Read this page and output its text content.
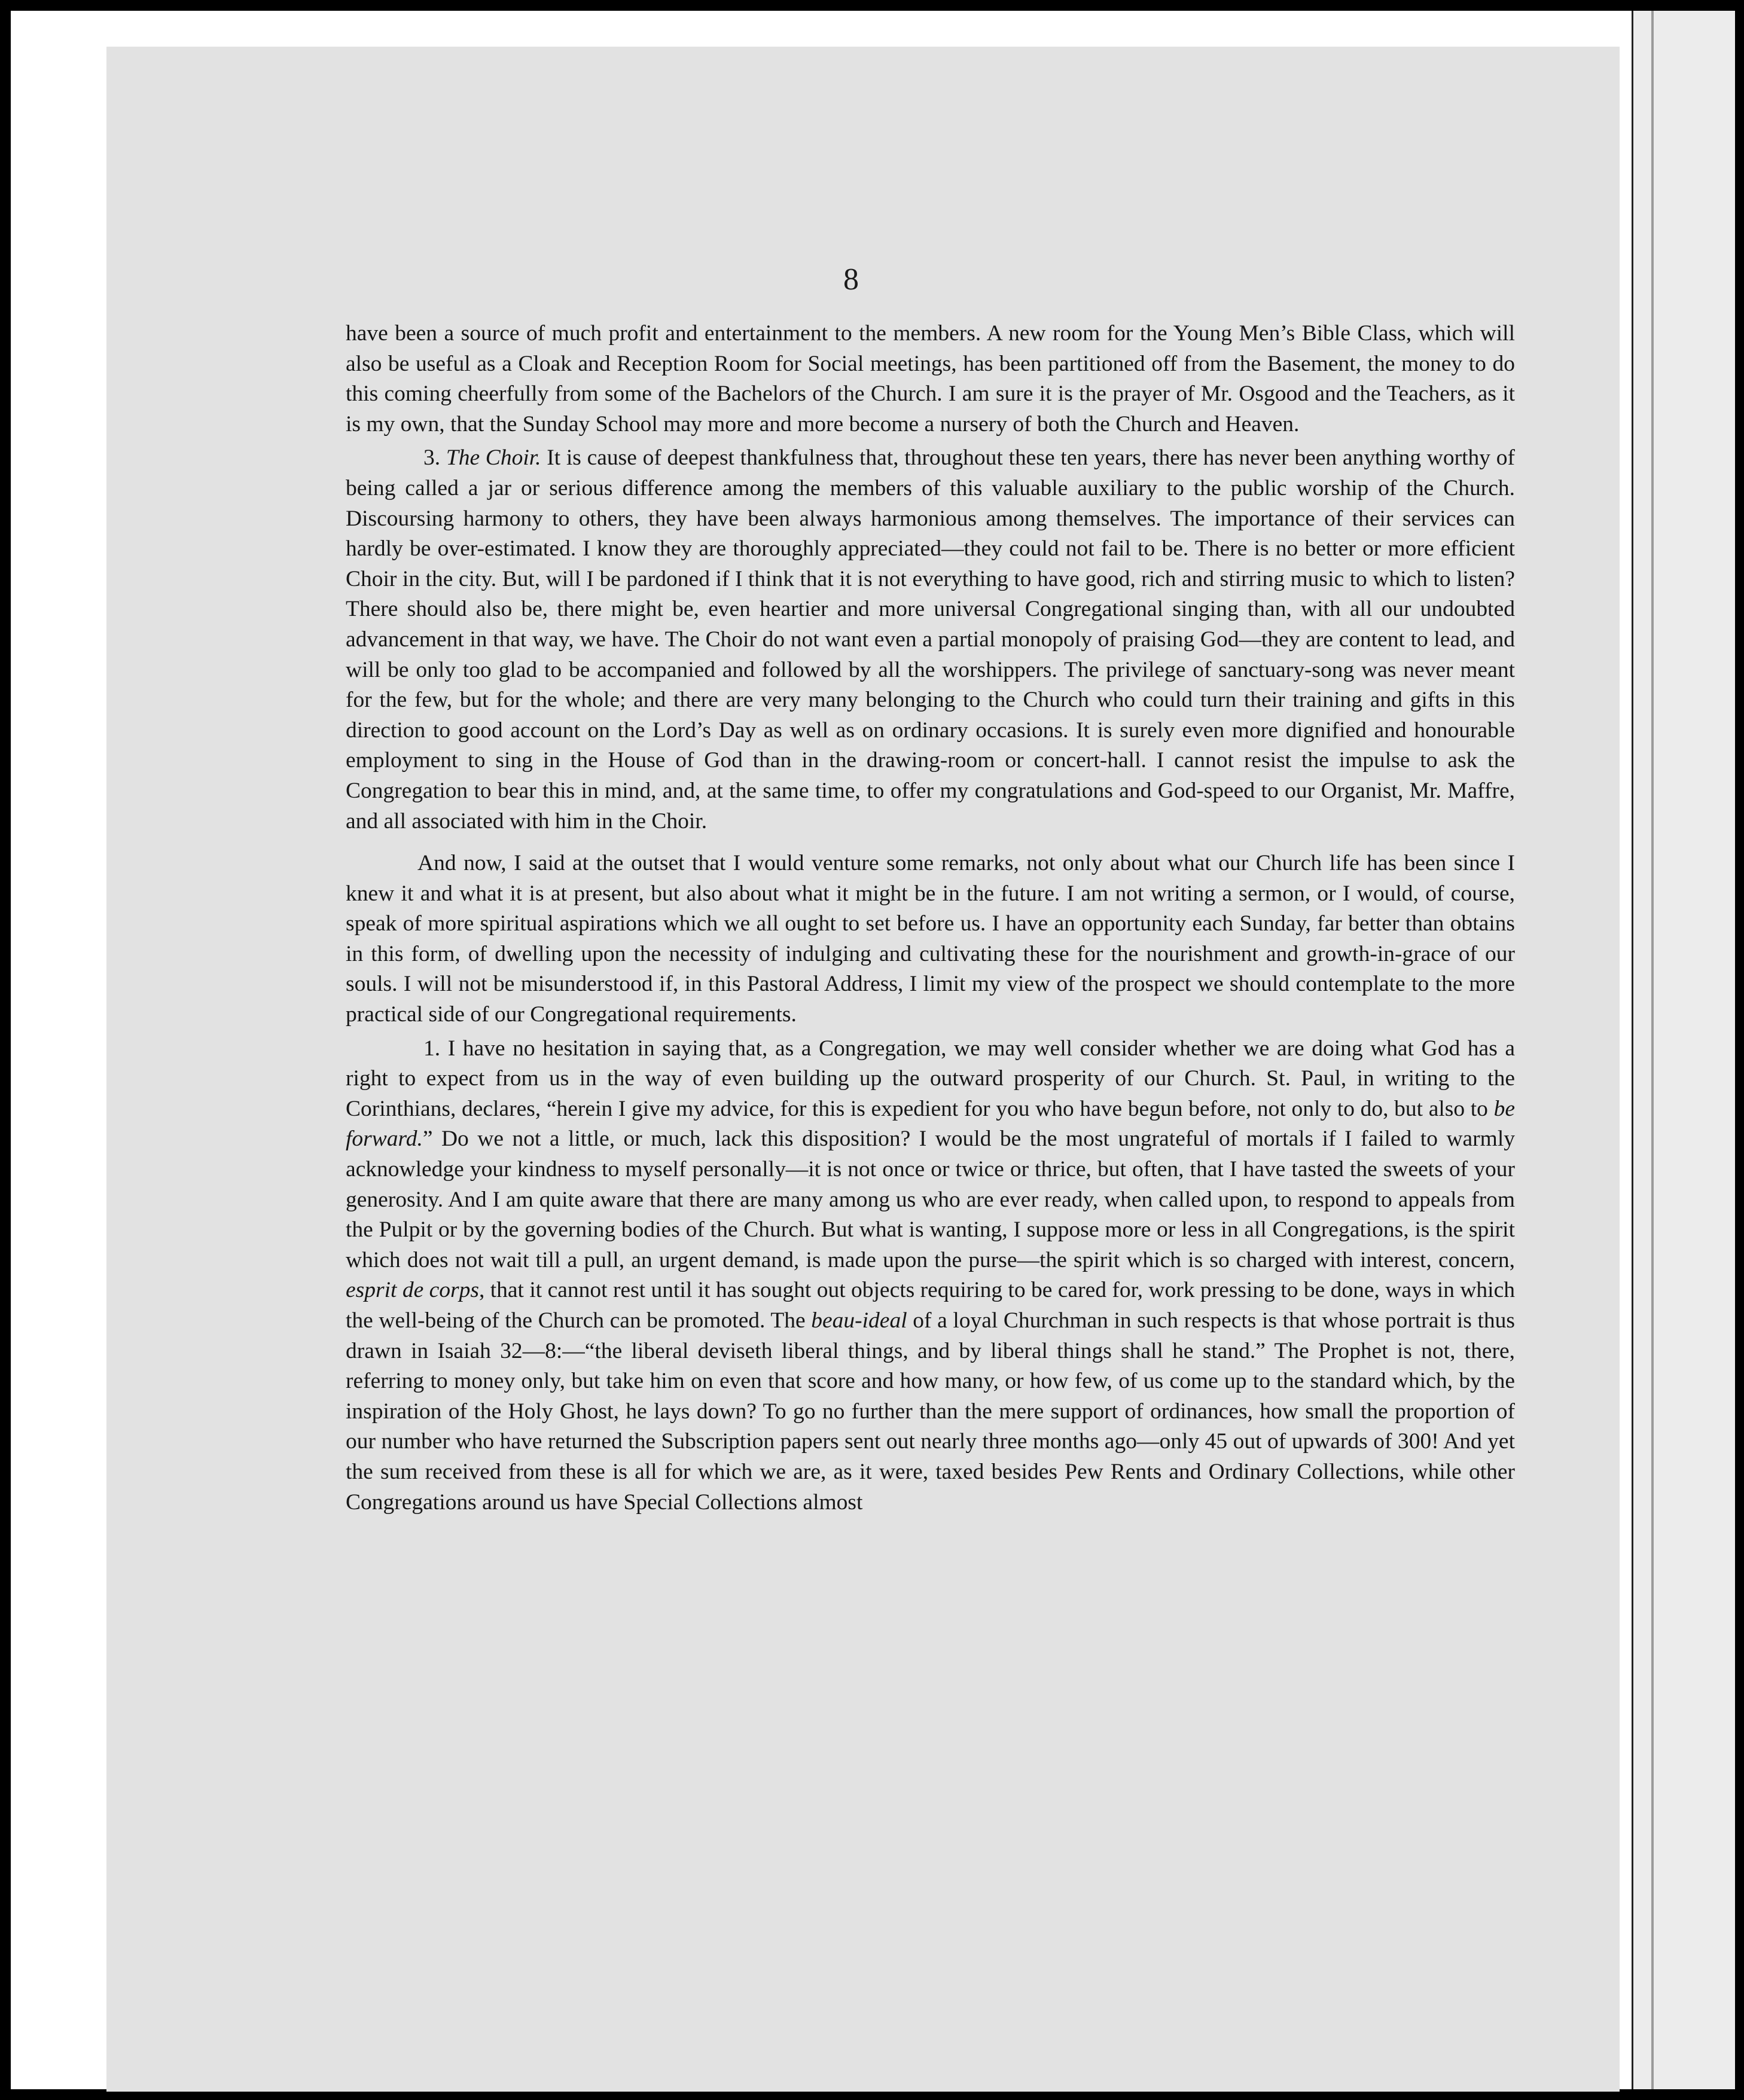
8

have been a source of much profit and entertainment to the members. A new room for the Young Men’s Bible Class, which will also be useful as a Cloak and Reception Room for Social meetings, has been partitioned off from the Basement, the money to do this coming cheerfully from some of the Bachelors of the Church. I am sure it is the prayer of Mr. Osgood and the Teachers, as it is my own, that the Sunday School may more and more become a nursery of both the Church and Heaven.

3. The Choir. It is cause of deepest thankfulness that, throughout these ten years, there has never been anything worthy of being called a jar or serious difference among the members of this valuable auxiliary to the public worship of the Church. Discoursing harmony to others, they have been always harmonious among themselves. The importance of their services can hardly be over-estimated. I know they are thoroughly appreciated—they could not fail to be. There is no better or more efficient Choir in the city. But, will I be pardoned if I think that it is not everything to have good, rich and stirring music to which to listen? There should also be, there might be, even heartier and more universal Congregational singing than, with all our undoubted advancement in that way, we have. The Choir do not want even a partial monopoly of praising God—they are content to lead, and will be only too glad to be accompanied and followed by all the worshippers. The privilege of sanctuary-song was never meant for the few, but for the whole; and there are very many belonging to the Church who could turn their training and gifts in this direction to good account on the Lord’s Day as well as on ordinary occasions. It is surely even more dignified and honourable employment to sing in the House of God than in the drawing-room or concert-hall. I cannot resist the impulse to ask the Congregation to bear this in mind, and, at the same time, to offer my congratulations and God-speed to our Organist, Mr. Maffre, and all associated with him in the Choir.

And now, I said at the outset that I would venture some remarks, not only about what our Church life has been since I knew it and what it is at present, but also about what it might be in the future. I am not writing a sermon, or I would, of course, speak of more spiritual aspirations which we all ought to set before us. I have an opportunity each Sunday, far better than obtains in this form, of dwelling upon the necessity of indulging and cultivating these for the nourishment and growth-in-grace of our souls. I will not be misunderstood if, in this Pastoral Address, I limit my view of the prospect we should contemplate to the more practical side of our Congregational requirements.

1. I have no hesitation in saying that, as a Congregation, we may well consider whether we are doing what God has a right to expect from us in the way of even building up the outward prosperity of our Church. St. Paul, in writing to the Corinthians, declares, “herein I give my advice, for this is expedient for you who have begun before, not only to do, but also to be forward.” Do we not a little, or much, lack this disposition? I would be the most ungrateful of mortals if I failed to warmly acknowledge your kindness to myself personally—it is not once or twice or thrice, but often, that I have tasted the sweets of your generosity. And I am quite aware that there are many among us who are ever ready, when called upon, to respond to appeals from the Pulpit or by the governing bodies of the Church. But what is wanting, I suppose more or less in all Congregations, is the spirit which does not wait till a pull, an urgent demand, is made upon the purse—the spirit which is so charged with interest, concern, esprit de corps, that it cannot rest until it has sought out objects requiring to be cared for, work pressing to be done, ways in which the well-being of the Church can be promoted. The beau-ideal of a loyal Churchman in such respects is that whose portrait is thus drawn in Isaiah 32—8:—“the liberal deviseth liberal things, and by liberal things shall he stand.” The Prophet is not, there, referring to money only, but take him on even that score and how many, or how few, of us come up to the standard which, by the inspiration of the Holy Ghost, he lays down? To go no further than the mere support of ordinances, how small the proportion of our number who have returned the Subscription papers sent out nearly three months ago—only 45 out of upwards of 300! And yet the sum received from these is all for which we are, as it were, taxed besides Pew Rents and Ordinary Collections, while other Congregations around us have Special Collections almost
